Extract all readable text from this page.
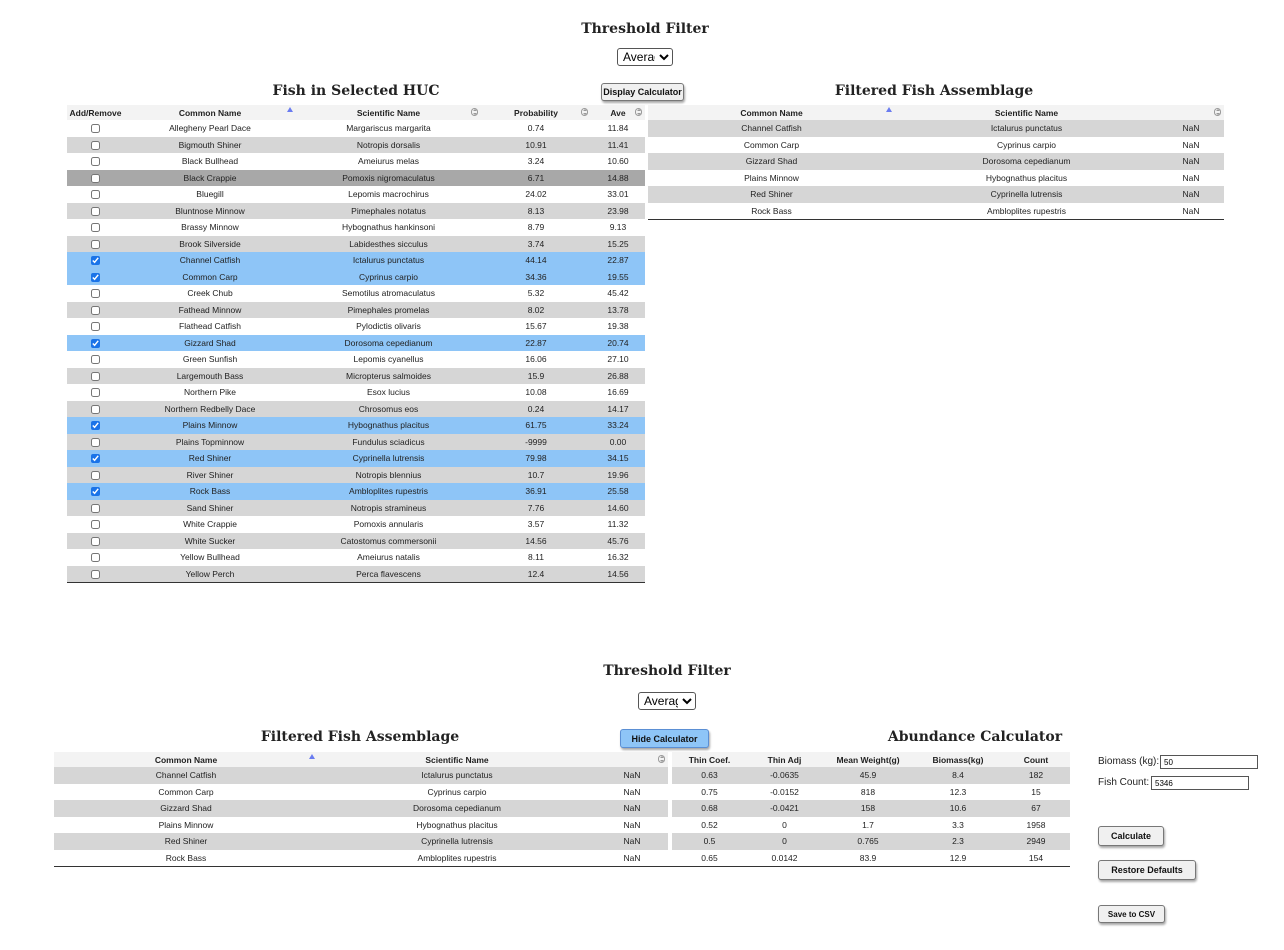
Threshold Filter
Average
Fish in Selected HUC	Display Calculator	Filtered Fish Assemblage
Add/Remove	Common Name	Scientific Name	Probability	Ave

	Allegheny Pearl Dace	Margariscus margarita	0.74	11.84
	Bigmouth Shiner	Notropis dorsalis	10.91	11.41
	Black Bullhead	Ameiurus melas	3.24	10.60
	Black Crappie	Pomoxis nigromaculatus	6.71	14.88
	Bluegill	Lepomis macrochirus	24.02	33.01
	Bluntnose Minnow	Pimephales notatus	8.13	23.98
	Brassy Minnow	Hybognathus hankinsoni	8.79	9.13
	Brook Silverside	Labidesthes sicculus	3.74	15.25
	Channel Catfish	Ictalurus punctatus	44.14	22.87
	Common Carp	Cyprinus carpio	34.36	19.55
	Creek Chub	Semotilus atromaculatus	5.32	45.42
	Fathead Minnow	Pimephales promelas	8.02	13.78
	Flathead Catfish	Pylodictis olivaris	15.67	19.38
	Gizzard Shad	Dorosoma cepedianum	22.87	20.74
	Green Sunfish	Lepomis cyanellus	16.06	27.10
	Largemouth Bass	Micropterus salmoides	15.9	26.88
	Northern Pike	Esox lucius	10.08	16.69
	Northern Redbelly Dace	Chrosomus eos	0.24	14.17
	Plains Minnow	Hybognathus placitus	61.75	33.24
	Plains Topminnow	Fundulus sciadicus	-9999	0.00
	Red Shiner	Cyprinella lutrensis	79.98	34.15
	River Shiner	Notropis blennius	10.7	19.96
	Rock Bass	Ambloplites rupestris	36.91	25.58
	Sand Shiner	Notropis stramineus	7.76	14.60
	White Crappie	Pomoxis annularis	3.57	11.32
	White Sucker	Catostomus commersonii	14.56	45.76
	Yellow Bullhead	Ameiurus natalis	8.11	16.32
	Yellow Perch	Perca flavescens	12.4	14.56
Common Name	Scientific Name	

Channel Catfish	Ictalurus punctatus	NaN
Common Carp	Cyprinus carpio	NaN
Gizzard Shad	Dorosoma cepedianum	NaN
Plains Minnow	Hybognathus placitus	NaN
Red Shiner	Cyprinella lutrensis	NaN
Rock Bass	Ambloplites rupestris	NaN
Threshold Filter
Average
Filtered Fish Assemblage	Hide Calculator	Abundance Calculator
Common Name	Scientific Name			Thin Coef.	Thin Adj	Mean Weight(g)	Biomass(kg)	Count
Channel Catfish	Ictalurus punctatus	NaN		0.63	-0.0635	45.9	8.4	182
Common Carp	Cyprinus carpio	NaN		0.75	-0.0152	818	12.3	15
Gizzard Shad	Dorosoma cepedianum	NaN		0.68	-0.0421	158	10.6	67
Plains Minnow	Hybognathus placitus	NaN		0.52	0	1.7	3.3	1958
Red Shiner	Cyprinella lutrensis	NaN		0.5	0	0.765	2.3	2949
Rock Bass	Ambloplites rupestris	NaN		0.65	0.0142	83.9	12.9	154
Biomass (kg):
50
Fish Count:
5346
Calculate
Restore Defaults
Save to CSV
